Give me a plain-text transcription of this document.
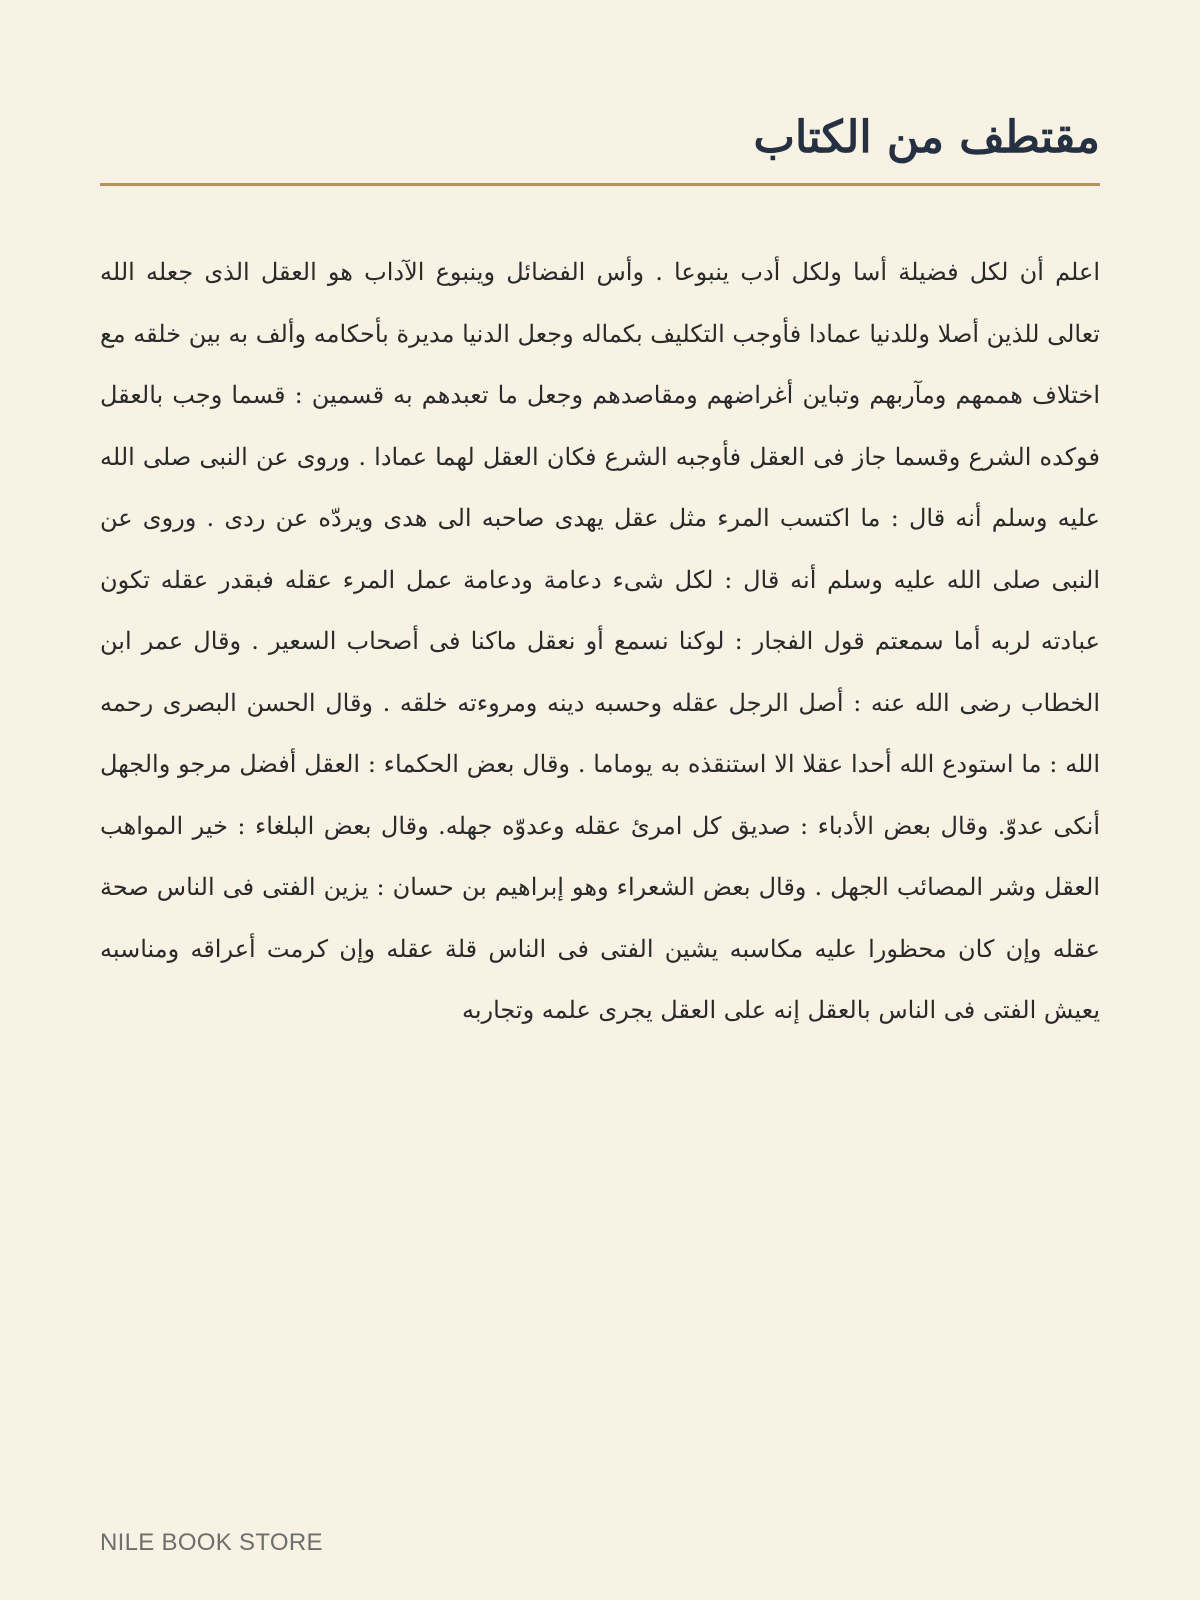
مقتطف من الكتاب

اعلم أن لكل فضيلة أسا ولكل أدب ينبوعا . وأس الفضائل وينبوع الآداب هو العقل الذى جعله الله تعالى للذين أصلا وللدنيا عمادا فأوجب التكليف بكماله وجعل الدنيا مديرة بأحكامه وألف به بين خلقه مع اختلاف هممهم ومآربهم وتباين أغراضهم ومقاصدهم وجعل ما تعبدهم به قسمين : قسما وجب بالعقل فوكده الشرع وقسما جاز فى العقل فأوجبه الشرع فكان العقل لهما عمادا . وروى عن النبى صلى الله عليه وسلم أنه قال : ما اكتسب المرء مثل عقل يهدى صاحبه الى هدى ويردّه عن ردى . وروى عن النبى صلى الله عليه وسلم أنه قال : لكل شىء دعامة ودعامة عمل المرء عقله فبقدر عقله تكون عبادته لربه أما سمعتم قول الفجار : لوكنا نسمع أو نعقل ماكنا فى أصحاب السعير . وقال عمر ابن الخطاب رضى الله عنه : أصل الرجل عقله وحسبه دينه ومروءته خلقه . وقال الحسن البصرى رحمه الله : ما استودع الله أحدا عقلا الا استنقذه به يوماما . وقال بعض الحكماء : العقل أفضل مرجو والجهل أنكى عدوّ. وقال بعض الأدباء : صديق كل امرئ عقله وعدوّه جهله. وقال بعض البلغاء : خير المواهب العقل وشر المصائب الجهل . وقال بعض الشعراء وهو إبراهيم بن حسان : يزين الفتى فى الناس صحة عقله وإن كان محظورا عليه مكاسبه يشين الفتى فى الناس قلة عقله وإن كرمت أعراقه ومناسبه يعيش الفتى فى الناس بالعقل إنه على العقل يجرى علمه وتجاربه

NILE BOOK STORE
